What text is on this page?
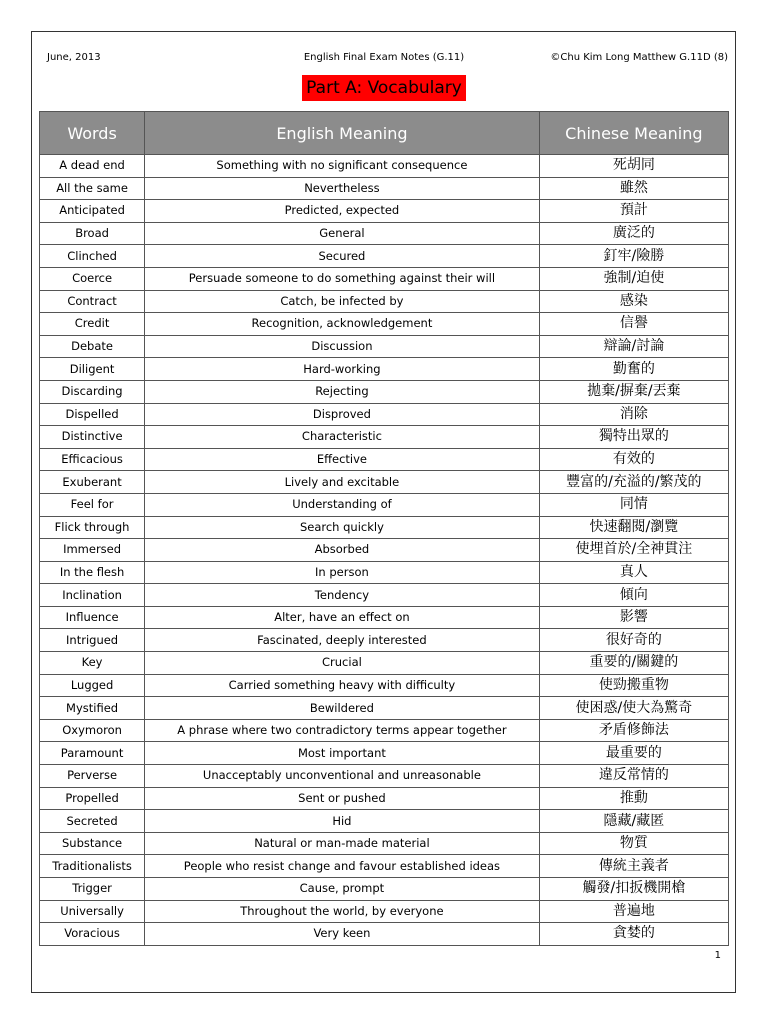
June, 2013	English Final Exam Notes (G.11)	©Chu Kim Long Matthew G.11D (8)
Part A: Vocabulary
Words	English Meaning	Chinese Meaning
A dead end	Something with no significant consequence	死胡同
All the same	Nevertheless	雖然
Anticipated	Predicted, expected	預計
Broad	General	廣泛的
Clinched	Secured	釘牢/險勝
Coerce	Persuade someone to do something against their will	強制/迫使
Contract	Catch, be infected by	感染
Credit	Recognition, acknowledgement	信譽
Debate	Discussion	辯論/討論
Diligent	Hard-working	勤奮的
Discarding	Rejecting	拋棄/摒棄/丟棄
Dispelled	Disproved	消除
Distinctive	Characteristic	獨特出眾的
Efficacious	Effective	有效的
Exuberant	Lively and excitable	豐富的/充溢的/繁茂的
Feel for	Understanding of	同情
Flick through	Search quickly	快速翻閱/瀏覽
Immersed	Absorbed	使埋首於/全神貫注
In the flesh	In person	真人
Inclination	Tendency	傾向
Influence	Alter, have an effect on	影響
Intrigued	Fascinated, deeply interested	很好奇的
Key	Crucial	重要的/關鍵的
Lugged	Carried something heavy with difficulty	使勁搬重物
Mystified	Bewildered	使困惑/使大為驚奇
Oxymoron	A phrase where two contradictory terms appear together	矛盾修飾法
Paramount	Most important	最重要的
Perverse	Unacceptably unconventional and unreasonable	違反常情的
Propelled	Sent or pushed	推動
Secreted	Hid	隱藏/藏匿
Substance	Natural or man-made material	物質
Traditionalists	People who resist change and favour established ideas	傳統主義者
Trigger	Cause, prompt	觸發/扣扳機開槍
Universally	Throughout the world, by everyone	普遍地
Voracious	Very keen	貪婪的
1
